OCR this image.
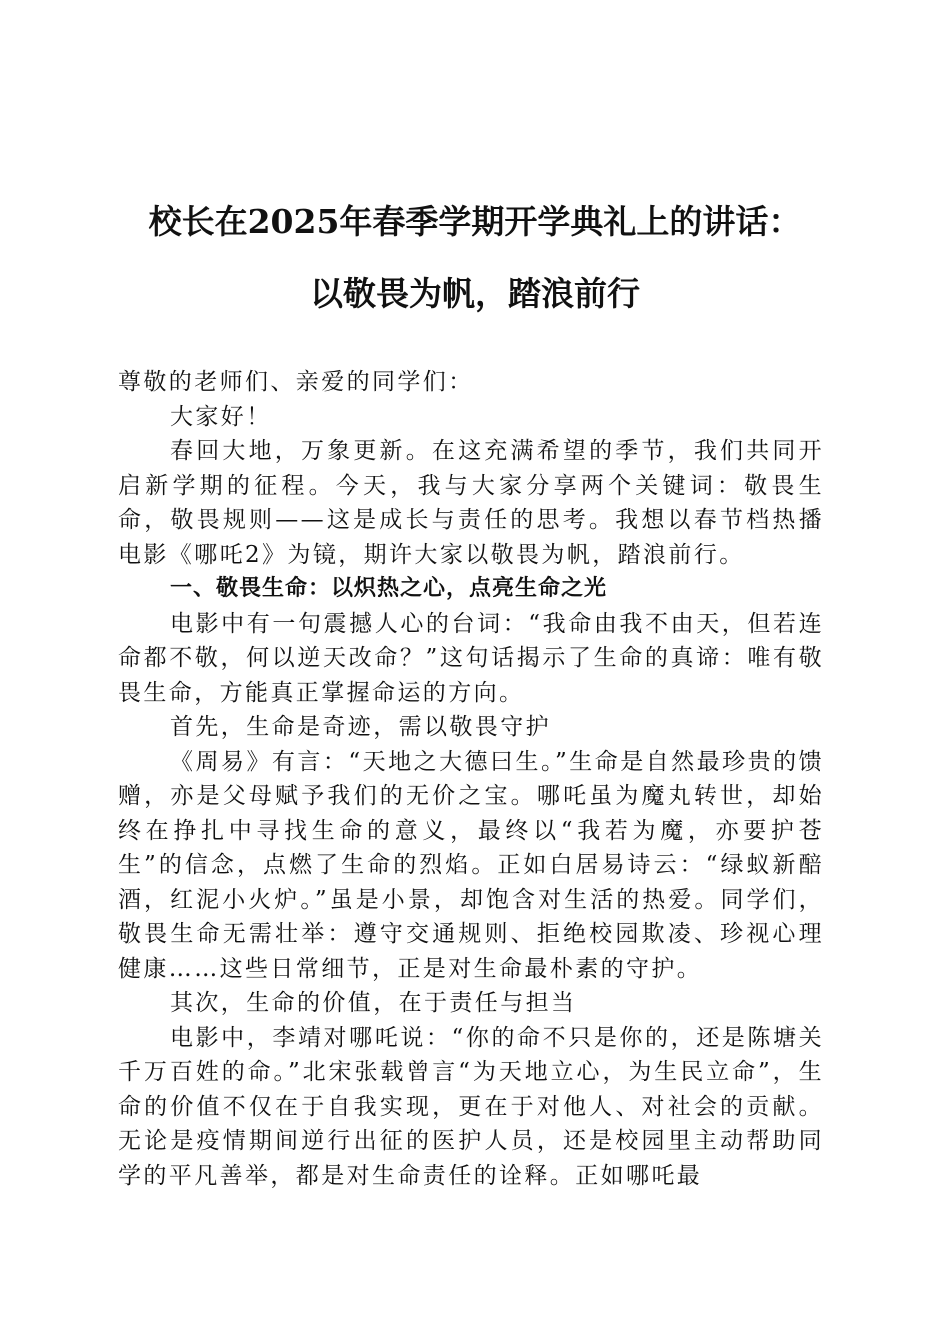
校长在2025年春季学期开学典礼上的讲话：
以敬畏为帆，踏浪前行

尊敬的老师们、亲爱的同学们：

大家好！

春回大地，万象更新。在这充满希望的季节，我们共同开启新学期的征程。今天，我与大家分享两个关键词：敬畏生命，敬畏规则——这是成长与责任的思考。我想以春节档热播电影《哪吒2》为镜，期许大家以敬畏为帆，踏浪前行。

一、敬畏生命：以炽热之心，点亮生命之光

电影中有一句震撼人心的台词：“我命由我不由天，但若连命都不敬，何以逆天改命？”这句话揭示了生命的真谛：唯有敬畏生命，方能真正掌握命运的方向。

首先，生命是奇迹，需以敬畏守护

《周易》有言：“天地之大德曰生。”生命是自然最珍贵的馈赠，亦是父母赋予我们的无价之宝。哪吒虽为魔丸转世，却始终在挣扎中寻找生命的意义，最终以“我若为魔，亦要护苍生”的信念，点燃了生命的烈焰。正如白居易诗云：“绿蚁新醅酒，红泥小火炉。”虽是小景，却饱含对生活的热爱。同学们，敬畏生命无需壮举：遵守交通规则、拒绝校园欺凌、珍视心理健康……这些日常细节，正是对生命最朴素的守护。

其次，生命的价值，在于责任与担当

电影中，李靖对哪吒说：“你的命不只是你的，还是陈塘关千万百姓的命。”北宋张载曾言“为天地立心，为生民立命”，生命的价值不仅在于自我实现，更在于对他人、对社会的贡献。无论是疫情期间逆行出征的医护人员，还是校园里主动帮助同学的平凡善举，都是对生命责任的诠释。正如哪吒最
